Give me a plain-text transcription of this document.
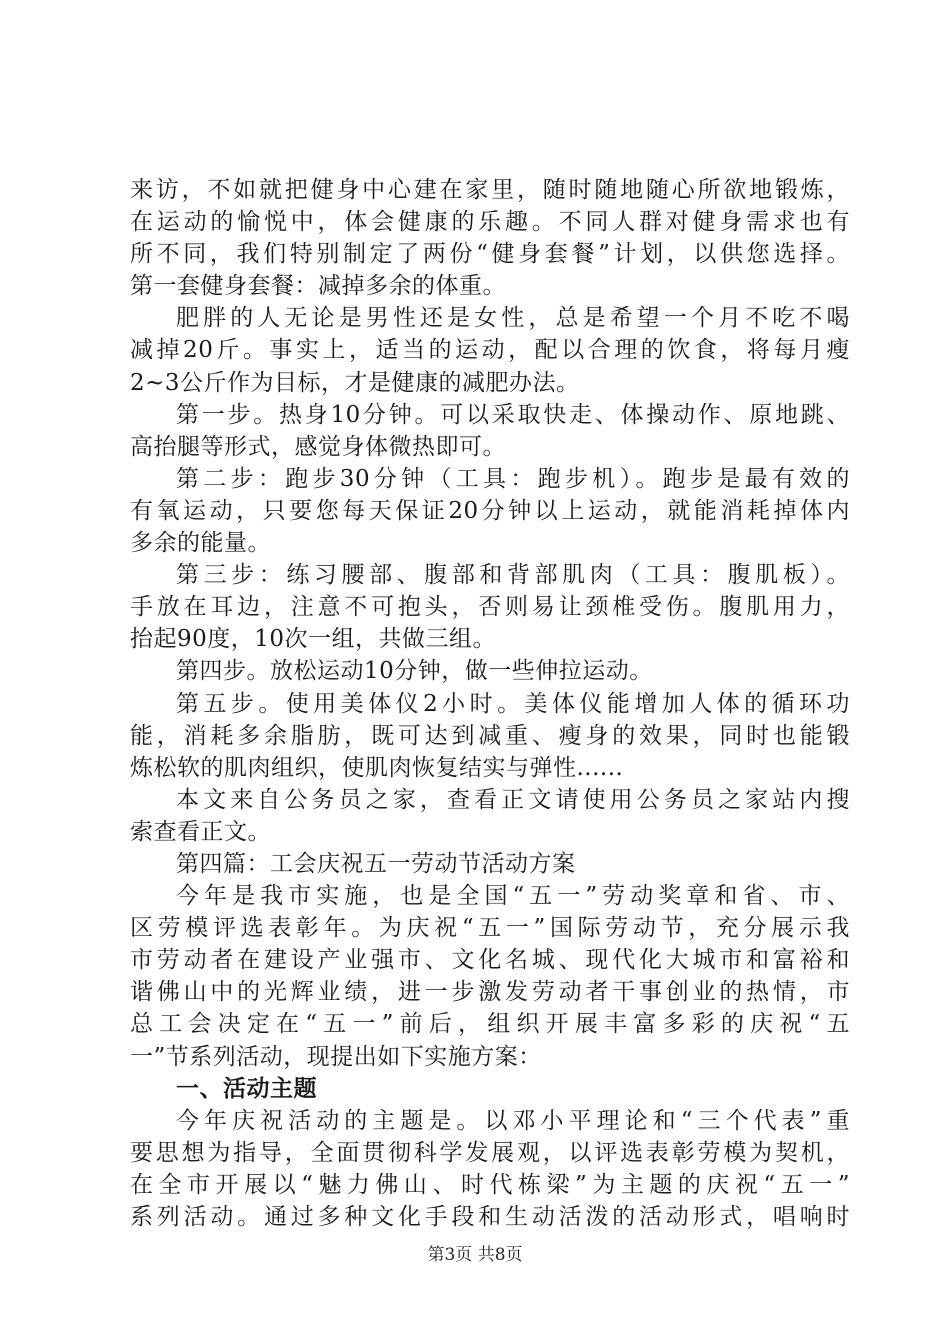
来访，不如就把健身中心建在家里，随时随地随心所欲地锻炼，
在运动的愉悦中，体会健康的乐趣。不同人群对健身需求也有
所不同，我们特别制定了两份“健身套餐”计划，以供您选择。
第一套健身套餐：减掉多余的体重。
肥胖的人无论是男性还是女性，总是希望一个月不吃不喝
减掉20斤。事实上，适当的运动，配以合理的饮食，将每月瘦
2~3公斤作为目标，才是健康的减肥办法。
第一步。热身10分钟。可以采取快走、体操动作、原地跳、
高抬腿等形式，感觉身体微热即可。
第二步：跑步30分钟（工具：跑步机）。跑步是最有效的
有氧运动，只要您每天保证20分钟以上运动，就能消耗掉体内
多余的能量。
第三步：练习腰部、腹部和背部肌肉（工具：腹肌板）。
手放在耳边，注意不可抱头，否则易让颈椎受伤。腹肌用力，
抬起90度，10次一组，共做三组。
第四步。放松运动10分钟，做一些伸拉运动。
第五步。使用美体仪2小时。美体仪能增加人体的循环功
能，消耗多余脂肪，既可达到减重、瘦身的效果，同时也能锻
炼松软的肌肉组织，使肌肉恢复结实与弹性......
本文来自公务员之家，查看正文请使用公务员之家站内搜
索查看正文。
第四篇：工会庆祝五一劳动节活动方案
今年是我市实施，也是全国“五一”劳动奖章和省、市、
区劳模评选表彰年。为庆祝“五一”国际劳动节，充分展示我
市劳动者在建设产业强市、文化名城、现代化大城市和富裕和
谐佛山中的光辉业绩，进一步激发劳动者干事创业的热情，市
总工会决定在“五一”前后，组织开展丰富多彩的庆祝“五
一”节系列活动，现提出如下实施方案：
一、活动主题
今年庆祝活动的主题是。以邓小平理论和“三个代表”重
要思想为指导，全面贯彻科学发展观，以评选表彰劳模为契机，
在全市开展以“魅力佛山、时代栋梁”为主题的庆祝“五一”
系列活动。通过多种文化手段和生动活泼的活动形式，唱响时
第3页 共8页
